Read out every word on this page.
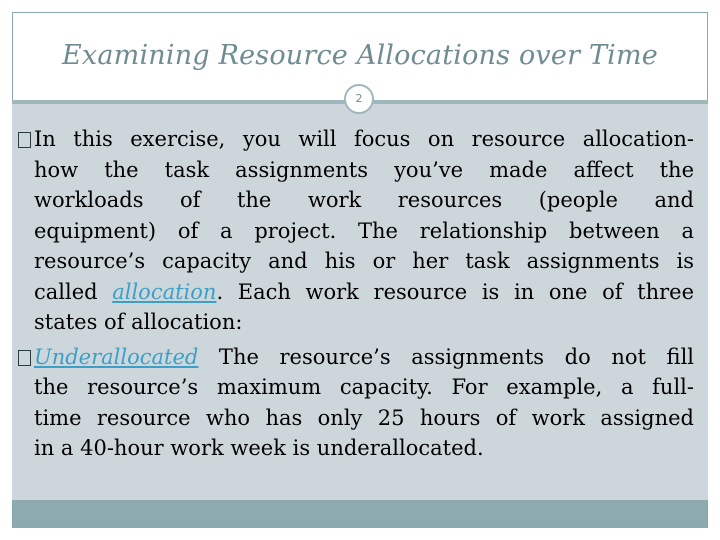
2
Examining Resource Allocations over Time
In this exercise, you will focus on resource allocation-
how the task assignments you’ve made affect the
workloads of the work resources (people and
equipment) of a project. The relationship between a
resource’s capacity and his or her task assignments is
called allocation. Each work resource is in one of three
states of allocation:
Underallocated The resource’s assignments do not fill
the resource’s maximum capacity. For example, a full-
time resource who has only 25 hours of work assigned
in a 40-hour work week is underallocated.
